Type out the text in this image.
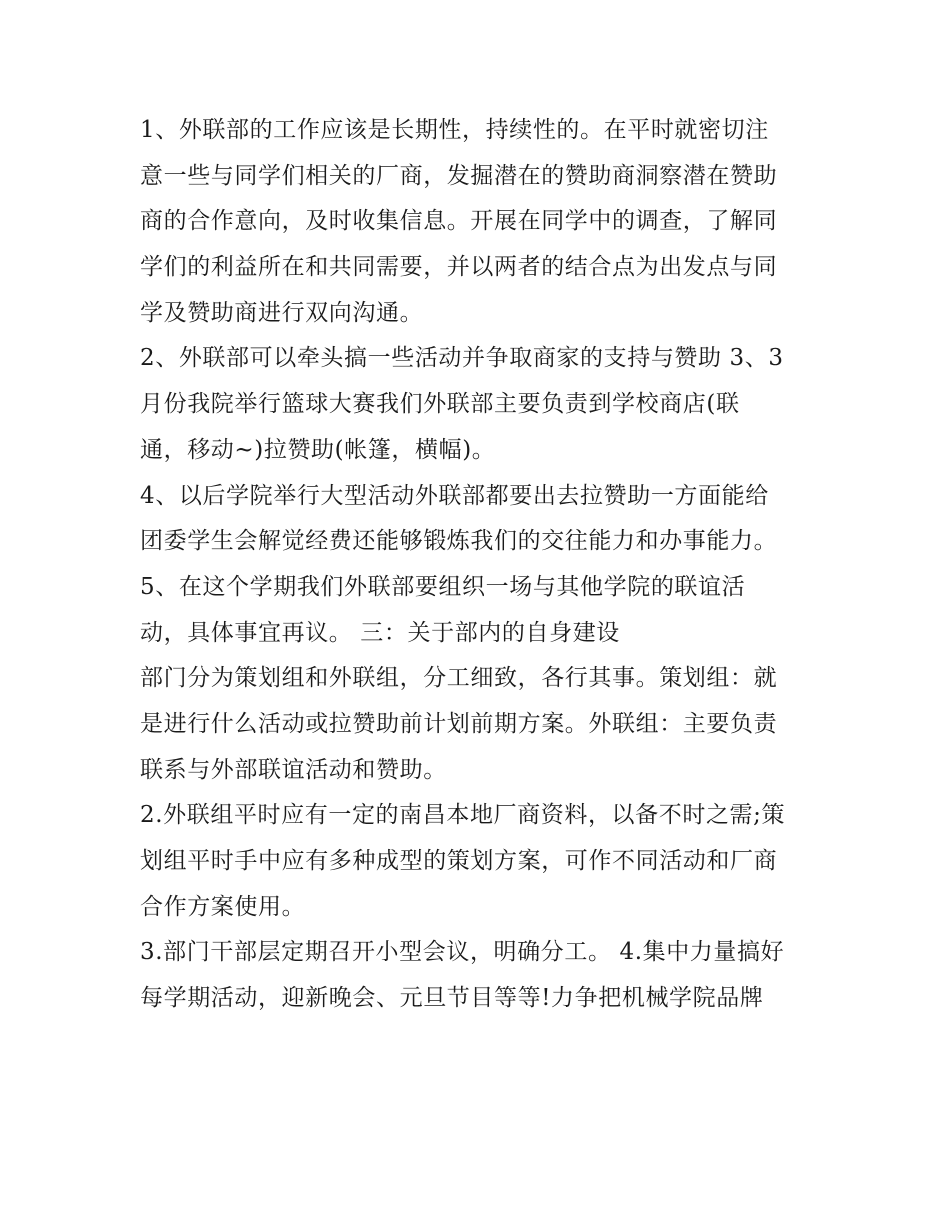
1、外联部的工作应该是长期性，持续性的。在平时就密切注
意一些与同学们相关的厂商，发掘潜在的赞助商洞察潜在赞助
商的合作意向，及时收集信息。开展在同学中的调查，了解同
学们的利益所在和共同需要，并以两者的结合点为出发点与同
学及赞助商进行双向沟通。
2、外联部可以牵头搞一些活动并争取商家的支持与赞助 3、3
月份我院举行篮球大赛我们外联部主要负责到学校商店(联
通，移动~)拉赞助(帐篷，横幅)。
4、以后学院举行大型活动外联部都要出去拉赞助一方面能给
团委学生会解觉经费还能够锻炼我们的交往能力和办事能力。
5、在这个学期我们外联部要组织一场与其他学院的联谊活
动，具体事宜再议。 三：关于部内的自身建设
部门分为策划组和外联组，分工细致，各行其事。策划组：就
是进行什么活动或拉赞助前计划前期方案。外联组：主要负责
联系与外部联谊活动和赞助。
2.外联组平时应有一定的南昌本地厂商资料，以备不时之需;策
划组平时手中应有多种成型的策划方案，可作不同活动和厂商
合作方案使用。
3.部门干部层定期召开小型会议，明确分工。 4.集中力量搞好
每学期活动，迎新晚会、元旦节目等等!力争把机械学院品牌
